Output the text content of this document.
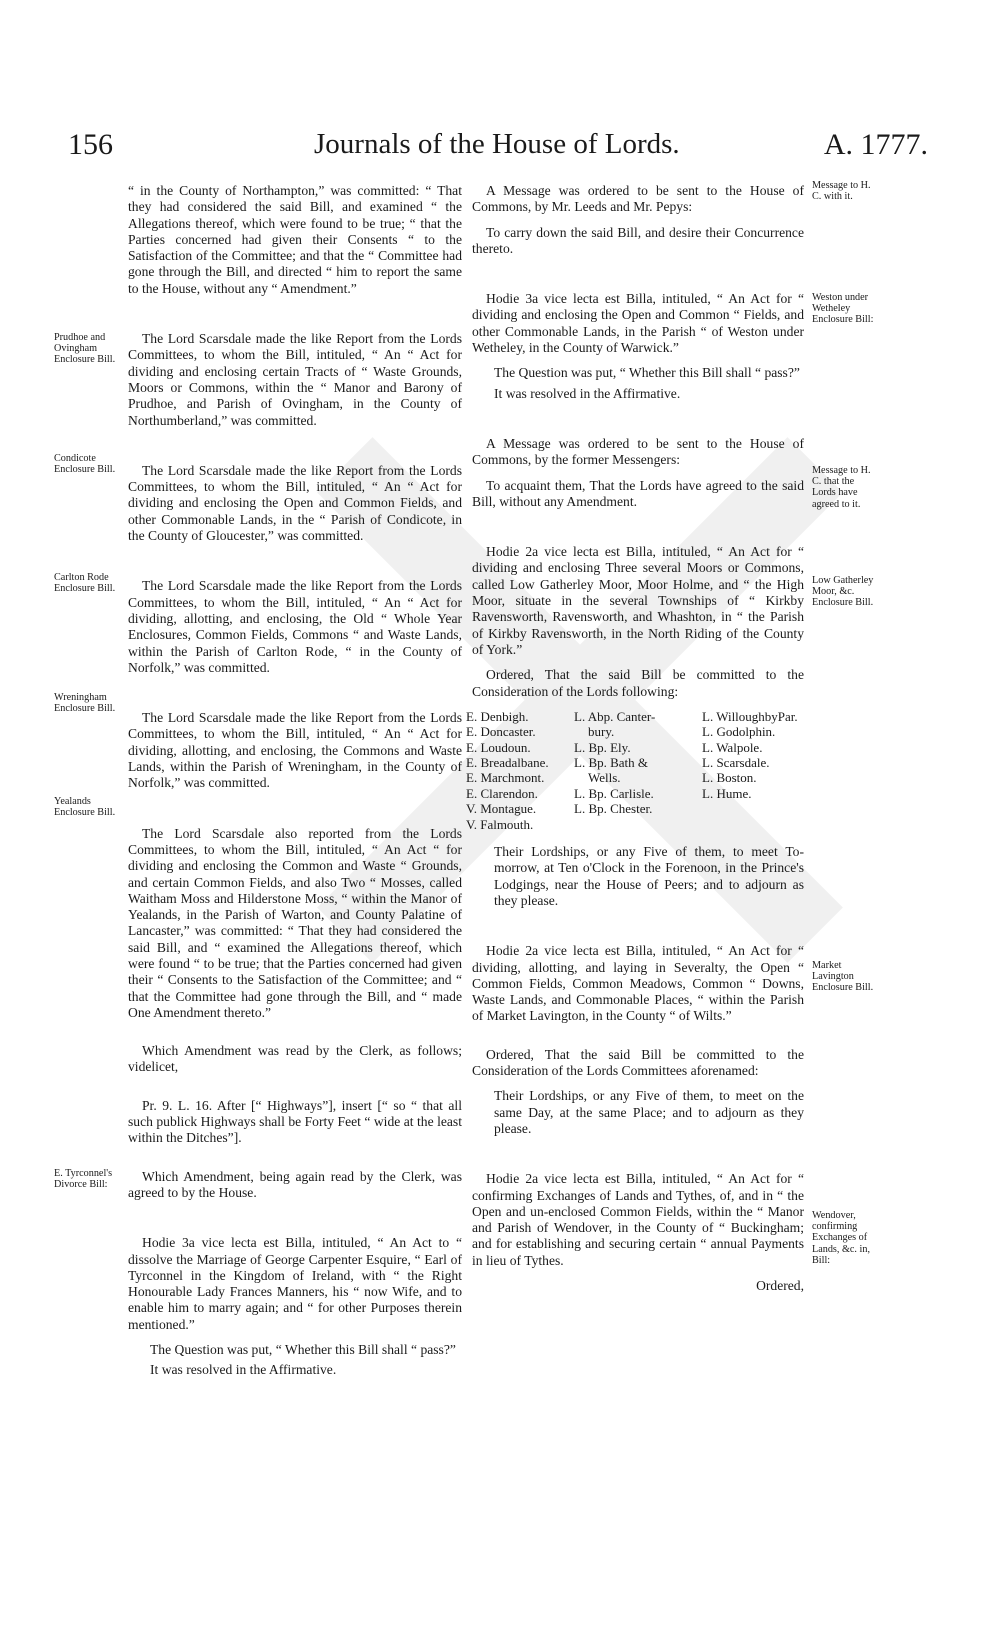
156	Journals of the House of Lords.	A. 1777.

“ in the County of Northampton,” was committed: “ That they had considered the said Bill, and examined “ the Allegations thereof, which were found to be true; “ that the Parties concerned had given their Consents “ to the Satisfaction of the Committee; and that the “ Committee had gone through the Bill, and directed “ him to report the same to the House, without any “ Amendment.”

The Lord Scarsdale made the like Report from the Lords Committees, to whom the Bill, intituled, “ An “ Act for dividing and enclosing certain Tracts of “ Waste Grounds, Moors or Commons, within the “ Manor and Barony of Prudhoe, and Parish of Ovingham, in the County of Northumberland,” was committed.

The Lord Scarsdale made the like Report from the Lords Committees, to whom the Bill, intituled, “ An “ Act for dividing and enclosing the Open and Common Fields, and other Commonable Lands, in the “ Parish of Condicote, in the County of Gloucester,” was committed.

The Lord Scarsdale made the like Report from the Lords Committees, to whom the Bill, intituled, “ An “ Act for dividing, allotting, and enclosing, the Old “ Whole Year Enclosures, Common Fields, Commons “ and Waste Lands, within the Parish of Carlton Rode, “ in the County of Norfolk,” was committed.

The Lord Scarsdale made the like Report from the Lords Committees, to whom the Bill, intituled, “ An “ Act for dividing, allotting, and enclosing, the Commons and Waste Lands, within the Parish of Wreningham, in the County of Norfolk,” was committed.

The Lord Scarsdale also reported from the Lords Committees, to whom the Bill, intituled, “ An Act “ for dividing and enclosing the Common and Waste “ Grounds, and certain Common Fields, and also Two “ Mosses, called Waitham Moss and Hilderstone Moss, “ within the Manor of Yealands, in the Parish of Warton, and County Palatine of Lancaster,” was committed: “ That they had considered the said Bill, and “ examined the Allegations thereof, which were found “ to be true; that the Parties concerned had given their “ Consents to the Satisfaction of the Committee; and “ that the Committee had gone through the Bill, and “ made One Amendment thereto.”

Which Amendment was read by the Clerk, as follows; videlicet,

Pr. 9. L. 16. After [“ Highways”], insert [“ so “ that all such publick Highways shall be Forty Feet “ wide at the least within the Ditches”].

Which Amendment, being again read by the Clerk, was agreed to by the House.

Hodie 3a vice lecta est Billa, intituled, “ An Act to “ dissolve the Marriage of George Carpenter Esquire, “ Earl of Tyrconnel in the Kingdom of Ireland, with “ the Right Honourable Lady Frances Manners, his “ now Wife, and to enable him to marry again; and “ for other Purposes therein mentioned.”

The Question was put, “ Whether this Bill shall “ pass?”

It was resolved in the Affirmative.

A Message was ordered to be sent to the House of Commons, by Mr. Leeds and Mr. Pepys:

To carry down the said Bill, and desire their Concurrence thereto.

Hodie 3a vice lecta est Billa, intituled, “ An Act for “ dividing and enclosing the Open and Common “ Fields, and other Commonable Lands, in the Parish “ of Weston under Wetheley, in the County of Warwick.”

The Question was put, “ Whether this Bill shall “ pass?”

It was resolved in the Affirmative.

A Message was ordered to be sent to the House of Commons, by the former Messengers:

To acquaint them, That the Lords have agreed to the said Bill, without any Amendment.

Hodie 2a vice lecta est Billa, intituled, “ An Act for “ dividing and enclosing Three several Moors or Commons, called Low Gatherley Moor, Moor Holme, and “ the High Moor, situate in the several Townships of “ Kirkby Ravensworth, Ravensworth, and Whashton, in “ the Parish of Kirkby Ravensworth, in the North Riding of the County of York.”

Ordered, That the said Bill be committed to the Consideration of the Lords following:

E. Denbigh.
E. Doncaster.
E. Loudoun.
E. Breadalbane.
E. Marchmont.
E. Clarendon.
V. Montague.
V. Falmouth.
L. Abp. Canter-
bury.
L. Bp. Ely.
L. Bp. Bath &
Wells.
L. Bp. Carlisle.
L. Bp. Chester.
L. WilloughbyPar.
L. Godolphin.
L. Walpole.
L. Scarsdale.
L. Boston.
L. Hume.

Their Lordships, or any Five of them, to meet To-morrow, at Ten o'Clock in the Forenoon, in the Prince's Lodgings, near the House of Peers; and to adjourn as they please.

Hodie 2a vice lecta est Billa, intituled, “ An Act for “ dividing, allotting, and laying in Severalty, the Open “ Common Fields, Common Meadows, Common “ Downs, Waste Lands, and Commonable Places, “ within the Parish of Market Lavington, in the County “ of Wilts.”

Ordered, That the said Bill be committed to the Consideration of the Lords Committees aforenamed:

Their Lordships, or any Five of them, to meet on the same Day, at the same Place; and to adjourn as they please.

Hodie 2a vice lecta est Billa, intituled, “ An Act for “ confirming Exchanges of Lands and Tythes, of, and in “ the Open and un-enclosed Common Fields, within the “ Manor and Parish of Wendover, in the County of “ Buckingham; and for establishing and securing certain “ annual Payments in lieu of Tythes.

Ordered,

Prudhoe and Ovingham Enclosure Bill.
Condicote Enclosure Bill.
Carlton Rode Enclosure Bill.
Wreningham Enclosure Bill.
Yealands Enclosure Bill.
E. Tyrconnel's Divorce Bill:
Message to H. C. with it.
Weston under Wetheley Enclosure Bill:
Message to H. C. that the Lords have agreed to it.
Low Gatherley Moor, &c. Enclosure Bill.
Market Lavington Enclosure Bill.
Wendover, confirming Exchanges of Lands, &c. in, Bill:
